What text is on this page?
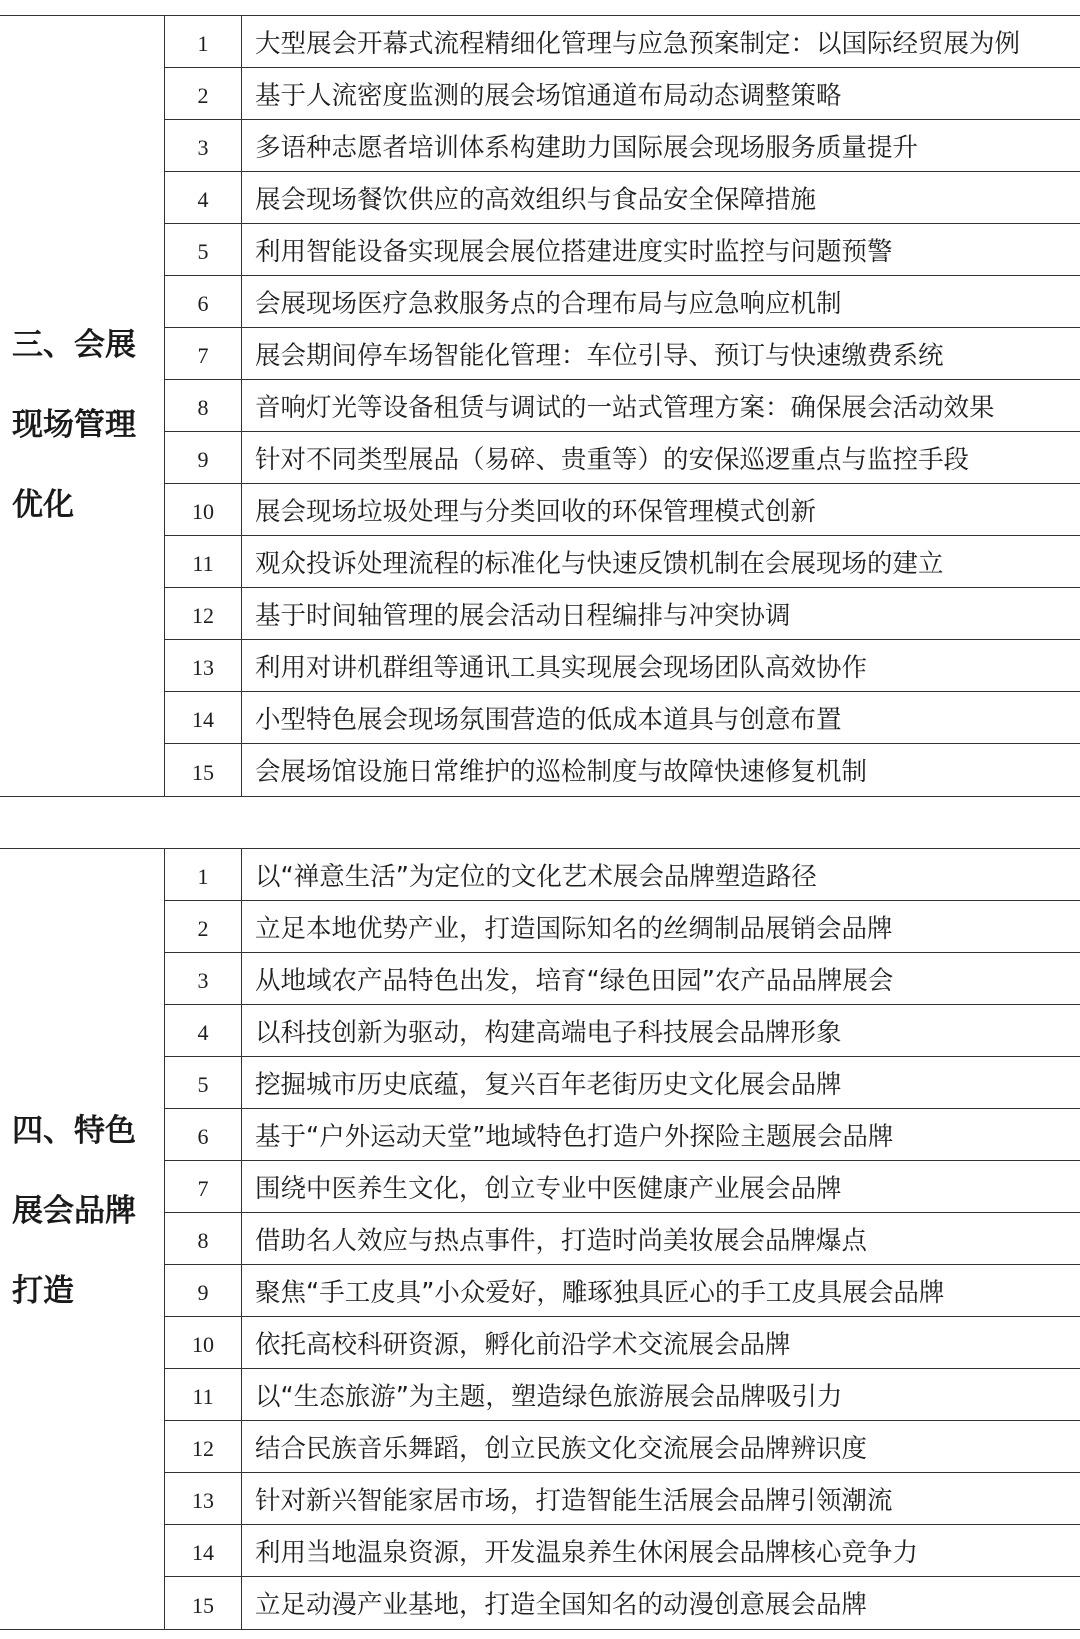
三、会展
现场管理
优化
1	大型展会开幕式流程精细化管理与应急预案制定：以国际经贸展为例
2	基于人流密度监测的展会场馆通道布局动态调整策略
3	多语种志愿者培训体系构建助力国际展会现场服务质量提升
4	展会现场餐饮供应的高效组织与食品安全保障措施
5	利用智能设备实现展会展位搭建进度实时监控与问题预警
6	会展现场医疗急救服务点的合理布局与应急响应机制
7	展会期间停车场智能化管理：车位引导、预订与快速缴费系统
8	音响灯光等设备租赁与调试的一站式管理方案：确保展会活动效果
9	针对不同类型展品（易碎、贵重等）的安保巡逻重点与监控手段
10	展会现场垃圾处理与分类回收的环保管理模式创新
11	观众投诉处理流程的标准化与快速反馈机制在会展现场的建立
12	基于时间轴管理的展会活动日程编排与冲突协调
13	利用对讲机群组等通讯工具实现展会现场团队高效协作
14	小型特色展会现场氛围营造的低成本道具与创意布置
15	会展场馆设施日常维护的巡检制度与故障快速修复机制
四、特色
展会品牌
打造
1	以“禅意生活”为定位的文化艺术展会品牌塑造路径
2	立足本地优势产业，打造国际知名的丝绸制品展销会品牌
3	从地域农产品特色出发，培育“绿色田园”农产品品牌展会
4	以科技创新为驱动，构建高端电子科技展会品牌形象
5	挖掘城市历史底蕴，复兴百年老街历史文化展会品牌
6	基于“户外运动天堂”地域特色打造户外探险主题展会品牌
7	围绕中医养生文化，创立专业中医健康产业展会品牌
8	借助名人效应与热点事件，打造时尚美妆展会品牌爆点
9	聚焦“手工皮具”小众爱好，雕琢独具匠心的手工皮具展会品牌
10	依托高校科研资源，孵化前沿学术交流展会品牌
11	以“生态旅游”为主题，塑造绿色旅游展会品牌吸引力
12	结合民族音乐舞蹈，创立民族文化交流展会品牌辨识度
13	针对新兴智能家居市场，打造智能生活展会品牌引领潮流
14	利用当地温泉资源，开发温泉养生休闲展会品牌核心竞争力
15	立足动漫产业基地，打造全国知名的动漫创意展会品牌
